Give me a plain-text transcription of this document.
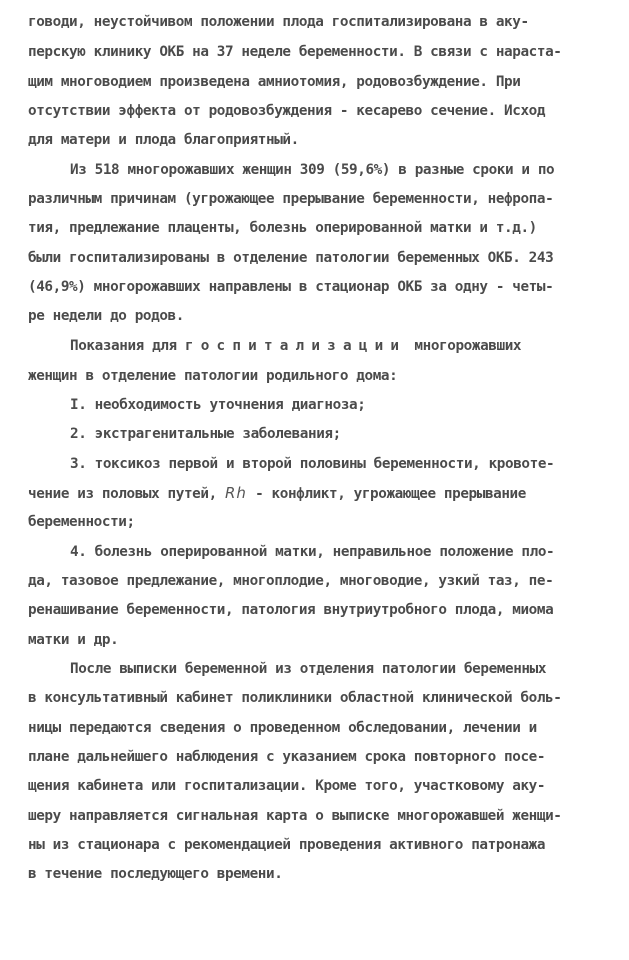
говоди, неустойчивом положении плода госпитализирована в аку-
перскую клинику ОКБ на 37 неделе беременности. В связи с нараста-
щим многоводием произведена амниотомия, родовозбуждение. При
отсутствии эффекта от родовозбуждения - кесарево сечение. Исход
для матери и плода благоприятный.
Из 518 многорожавших женщин 309 (59,6%) в разные сроки и по
различным причинам (угрожающее прерывание беременности, нефропа-
тия, предлежание плаценты, болезнь оперированной матки и т.д.)
были госпитализированы в отделение патологии беременных ОКБ. 243
(46,9%) многорожавших направлены в стационар ОКБ за одну - четы-
ре недели до родов.
Показания для госпитализации многорожавших
женщин в отделение патологии родильного дома:
I. необходимость уточнения диагноза;
2. экстрагенитальные заболевания;
3. токсикоз первой и второй половины беременности, кровоте-
чение из половых путей, Rh - конфликт, угрожающее прерывание
беременности;
4. болезнь оперированной матки, неправильное положение пло-
да, тазовое предлежание, многоплодие, многоводие, узкий таз, пе-
ренашивание беременности, патология внутриутробного плода, миома
матки и др.
После выписки беременной из отделения патологии беременных
в консультативный кабинет поликлиники областной клинической боль-
ницы передаются сведения о проведенном обследовании, лечении и
плане дальнейшего наблюдения с указанием срока повторного посе-
щения кабинета или госпитализации. Кроме того, участковому аку-
шеру направляется сигнальная карта о выписке многорожавшей женщи-
ны из стационара с рекомендацией проведения активного патронажа
в течение последующего времени.
